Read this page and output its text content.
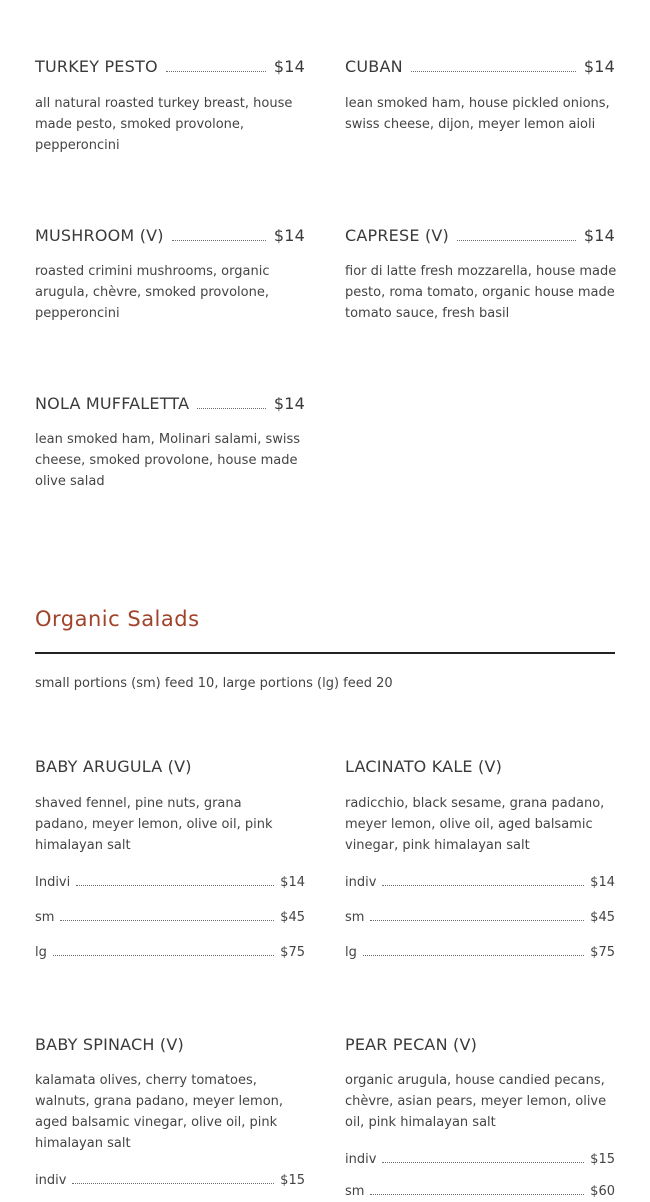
TURKEY PESTO	$14
all natural roasted turkey breast, house made pesto, smoked provolone, pepperoncini
CUBAN	$14
lean smoked ham, house pickled onions, swiss cheese, dijon, meyer lemon aioli
MUSHROOM (V)	$14
roasted crimini mushrooms, organic arugula, chèvre, smoked provolone, pepperoncini
CAPRESE (V)	$14
fior di latte fresh mozzarella, house made pesto, roma tomato, organic house made tomato sauce, fresh basil
NOLA MUFFALETTA	$14
lean smoked ham, Molinari salami, swiss cheese, smoked provolone, house made olive salad
Organic Salads
small portions (sm) feed 10, large portions (lg) feed 20
BABY ARUGULA (V)
shaved fennel, pine nuts, grana padano, meyer lemon, olive oil, pink himalayan salt
Indivi	$14
sm	$45
lg	$75
LACINATO KALE (V)
radicchio, black sesame, grana padano, meyer lemon, olive oil, aged balsamic vinegar, pink himalayan salt
indiv	$14
sm	$45
lg	$75
BABY SPINACH (V)
kalamata olives, cherry tomatoes, walnuts, grana padano, meyer lemon, aged balsamic vinegar, olive oil, pink himalayan salt
indiv	$15
PEAR PECAN (V)
organic arugula, house candied pecans, chèvre, asian pears, meyer lemon, olive oil, pink himalayan salt
indiv	$15
sm	$60
